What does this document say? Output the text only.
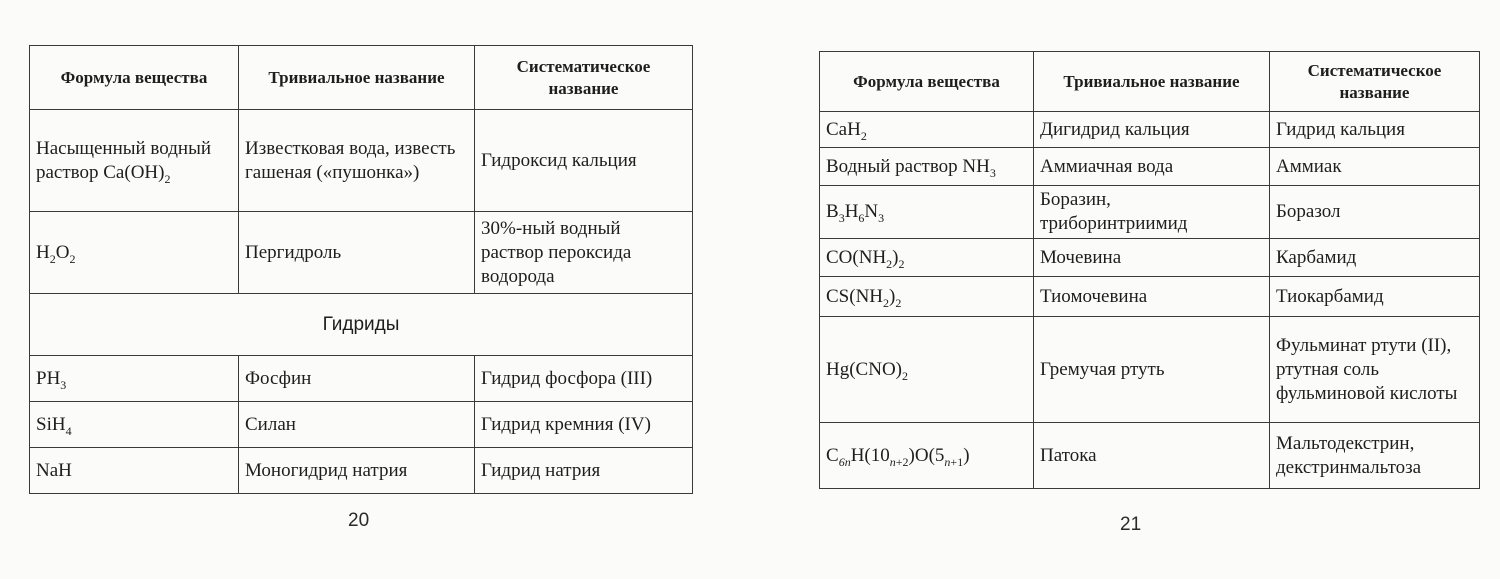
Формула вещества	Тривиальное название	Систематическое название
Насыщенный водный раствор $Ca(OH)_2$	Известковая вода, известь гашеная («пушонка»)	Гидроксид кальция
$H_2O_2$	Пергидроль	30%-ный водный раствор пероксида водорода
Гидриды		
$PH_3$	Фосфин	Гидрид фосфора (III)
SiH$_4$	Силан	Гидрид кремния (IV)
NaH	Моногидрид натрия	Гидрид натрия
20
Формула вещества	Тривиальное название	Систематическое название
CaH$_2$	Дигидрид кальция	Гидрид кальция
Водный раствор $NH_3$	Аммиачная вода	Аммиак
$B_3H_6N_3$	Боразин, триборинтриимид	Боразол
$CO(NH_2)_2$	Мочевина	Карбамид
$CS(NH_2)_2$	Тиомочевина	Тиокарбамид
$Hg(CNO)_2$	Гремучая ртуть	Фульминат ртути (II), ртутная соль фульминовой кислоты
$C_{6n}H(10_{n+2})O(5_{n+1})$	Патока	Мальтодекстрин, декстринмальтоза
21
